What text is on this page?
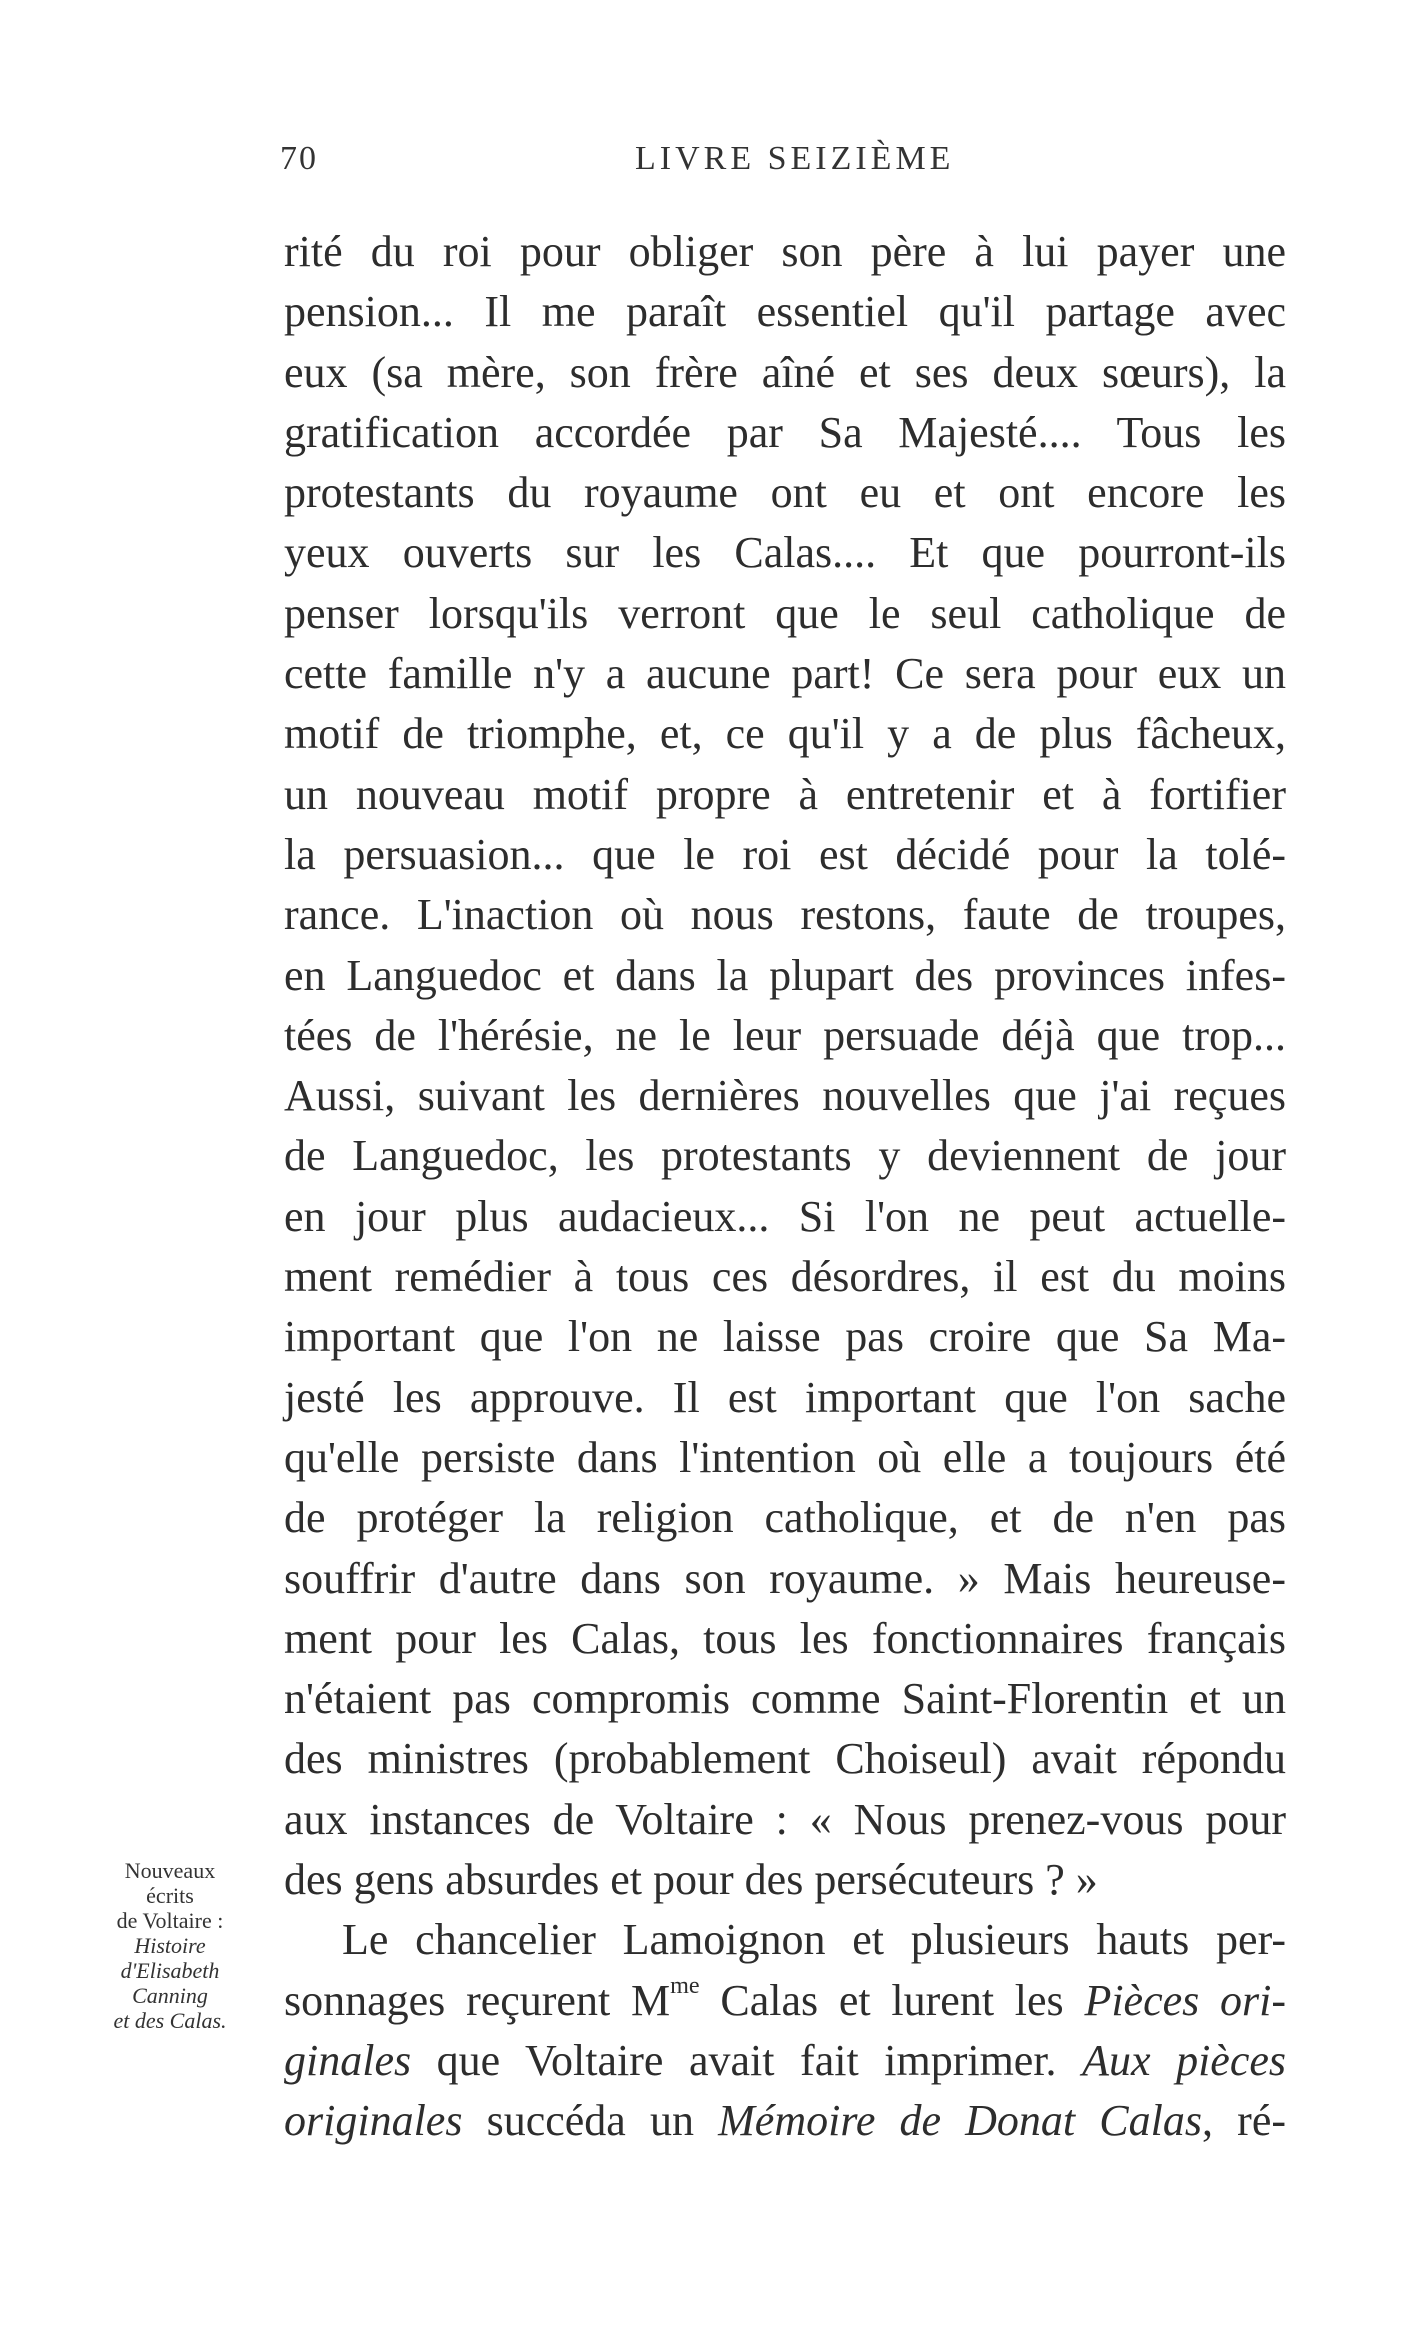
70	LIVRE SEIZIÈME
rité du roi pour obliger son père à lui payer une
pension... Il me paraît essentiel qu'il partage avec
eux (sa mère, son frère aîné et ses deux sœurs), la
gratification accordée par Sa Majesté.... Tous les
protestants du royaume ont eu et ont encore les
yeux ouverts sur les Calas.... Et que pourront-ils
penser lorsqu'ils verront que le seul catholique de
cette famille n'y a aucune part! Ce sera pour eux un
motif de triomphe, et, ce qu'il y a de plus fâcheux,
un nouveau motif propre à entretenir et à fortifier
la persuasion... que le roi est décidé pour la tolé-
rance. L'inaction où nous restons, faute de troupes,
en Languedoc et dans la plupart des provinces infes-
tées de l'hérésie, ne le leur persuade déjà que trop...
Aussi, suivant les dernières nouvelles que j'ai reçues
de Languedoc, les protestants y deviennent de jour
en jour plus audacieux... Si l'on ne peut actuelle-
ment remédier à tous ces désordres, il est du moins
important que l'on ne laisse pas croire que Sa Ma-
jesté les approuve. Il est important que l'on sache
qu'elle persiste dans l'intention où elle a toujours été
de protéger la religion catholique, et de n'en pas
souffrir d'autre dans son royaume. » Mais heureuse-
ment pour les Calas, tous les fonctionnaires français
n'étaient pas compromis comme Saint-Florentin et un
des ministres (probablement Choiseul) avait répondu
aux instances de Voltaire : « Nous prenez-vous pour
des gens absurdes et pour des persécuteurs ? »
Le chancelier Lamoignon et plusieurs hauts per-
sonnages reçurent $M^{me}$ Calas et lurent les Pièces ori-
ginales que Voltaire avait fait imprimer. Aux pièces
originales succéda un Mémoire de Donat Calas, ré-
Nouveaux
écrits
de Voltaire :
Histoire
d'Elisabeth
Canning
et des Calas.
